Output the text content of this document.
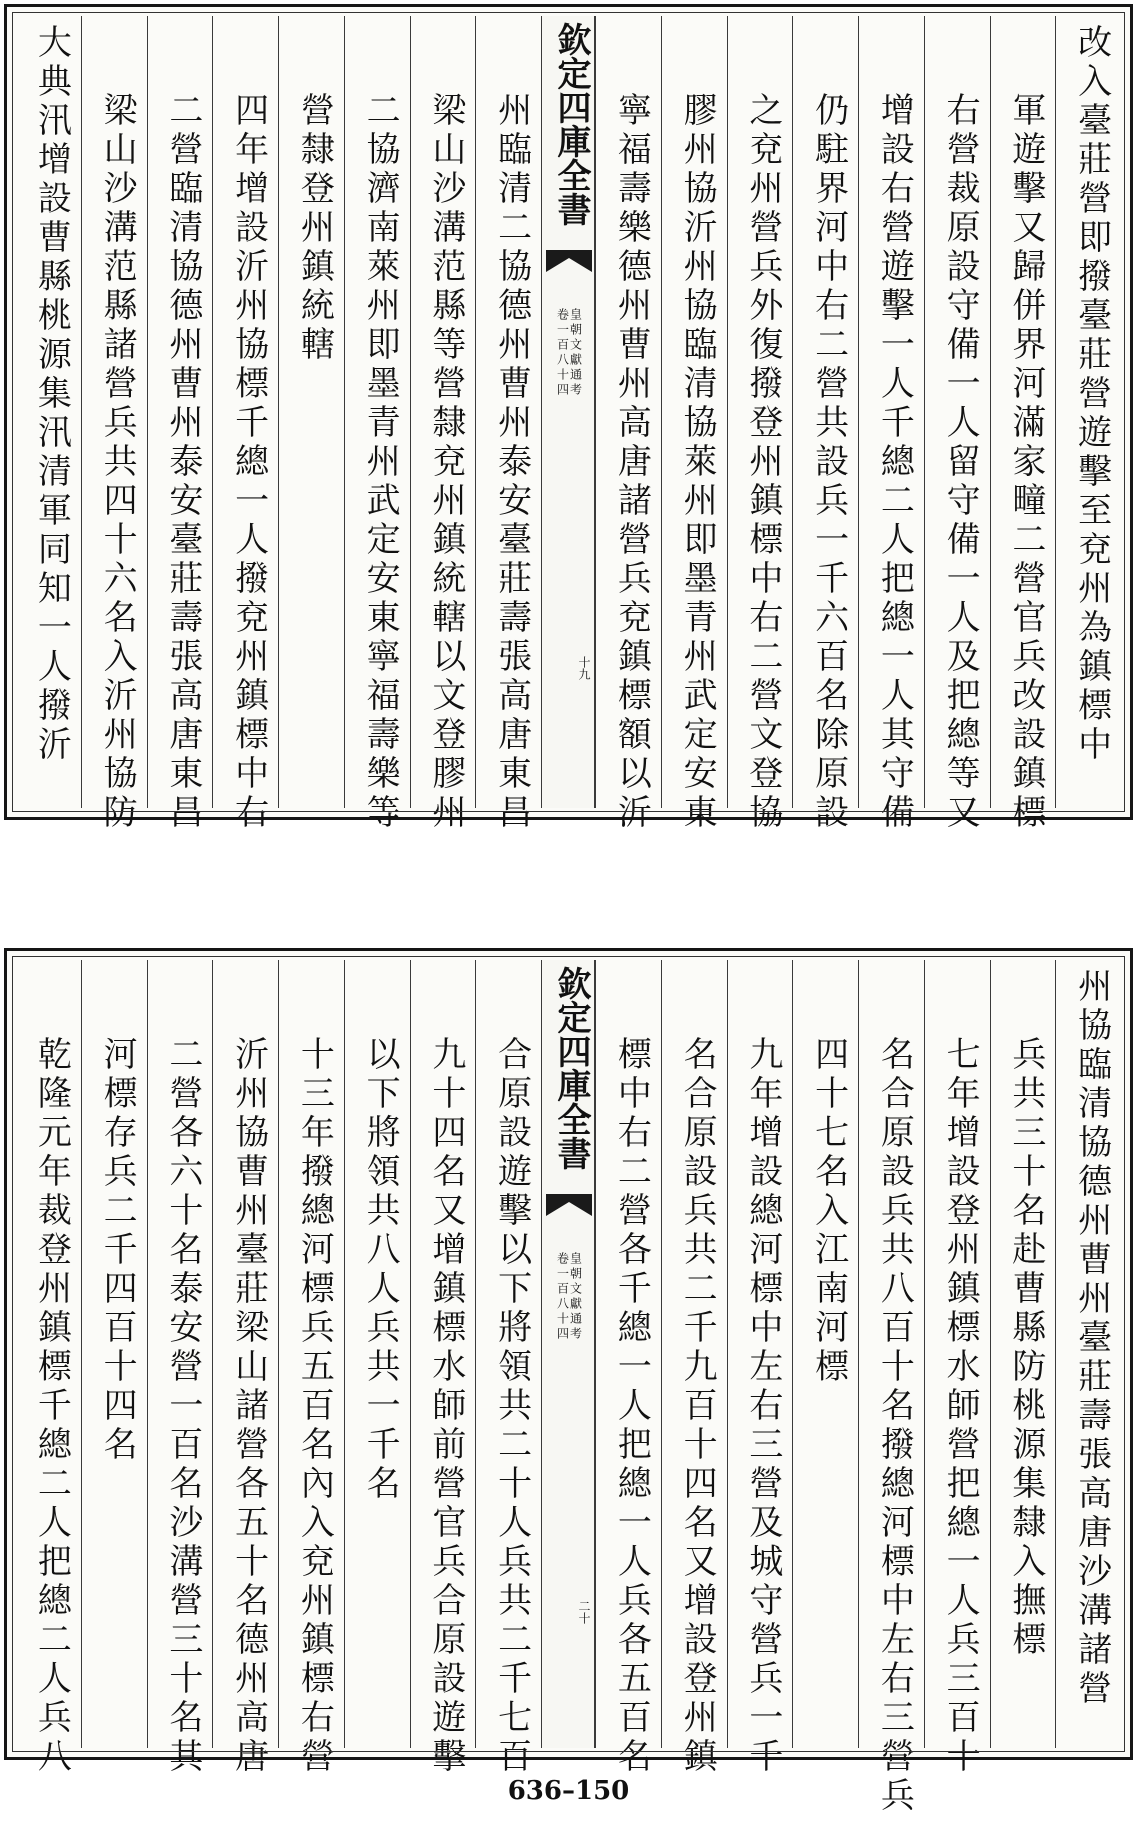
改入臺莊營即撥臺莊營遊擊至兗州為鎮標中
軍遊擊又歸併界河滿家疃二營官兵改設鎮標
右營裁原設守備一人留守備一人及把總等又
增設右營遊擊一人千總二人把總一人其守備
仍駐界河中右二營共設兵一千六百名除原設
之兗州營兵外復撥登州鎮標中右二營文登協
膠州協沂州協臨清協萊州即墨青州武定安東
寧福壽樂德州曹州高唐諸營兵兗鎮標額以沂
欽定四庫全書
皇朝文獻通考
卷一百八十四
十九
州臨清二協德州曹州泰安臺莊壽張高唐東昌
梁山沙溝范縣等營隸兗州鎮統轄以文登膠州
二協濟南萊州即墨青州武定安東寧福壽樂等
營隸登州鎮統轄
四年增設沂州協標千總一人撥兗州鎮標中右
二營臨清協德州曹州泰安臺莊壽張高唐東昌
梁山沙溝范縣諸營兵共四十六名入沂州協防
大典汛增設曹縣桃源集汛清軍同知一人撥沂
州協臨清協德州曹州臺莊壽張高唐沙溝諸營
兵共三十名赴曹縣防桃源集隸入撫標
七年增設登州鎮標水師營把總一人兵三百十
名合原設兵共八百十名撥總河標中左右三營兵
四十七名入江南河標
九年增設總河標中左右三營及城守營兵一千
名合原設兵共二千九百十四名又增設登州鎮
標中右二營各千總一人把總一人兵各五百名
欽定四庫全書
皇朝文獻通考
卷一百八十四
二十
合原設遊擊以下將領共二十人兵共二千七百
九十四名又增鎮標水師前營官兵合原設遊擊
以下將領共八人兵共一千名
十三年撥總河標兵五百名內入兗州鎮標右營
沂州協曹州臺莊梁山諸營各五十名德州高唐
二營各六十名泰安營一百名沙溝營三十名其
河標存兵二千四百十四名
乾隆元年裁登州鎮標千總二人把總二人兵八
636–150
